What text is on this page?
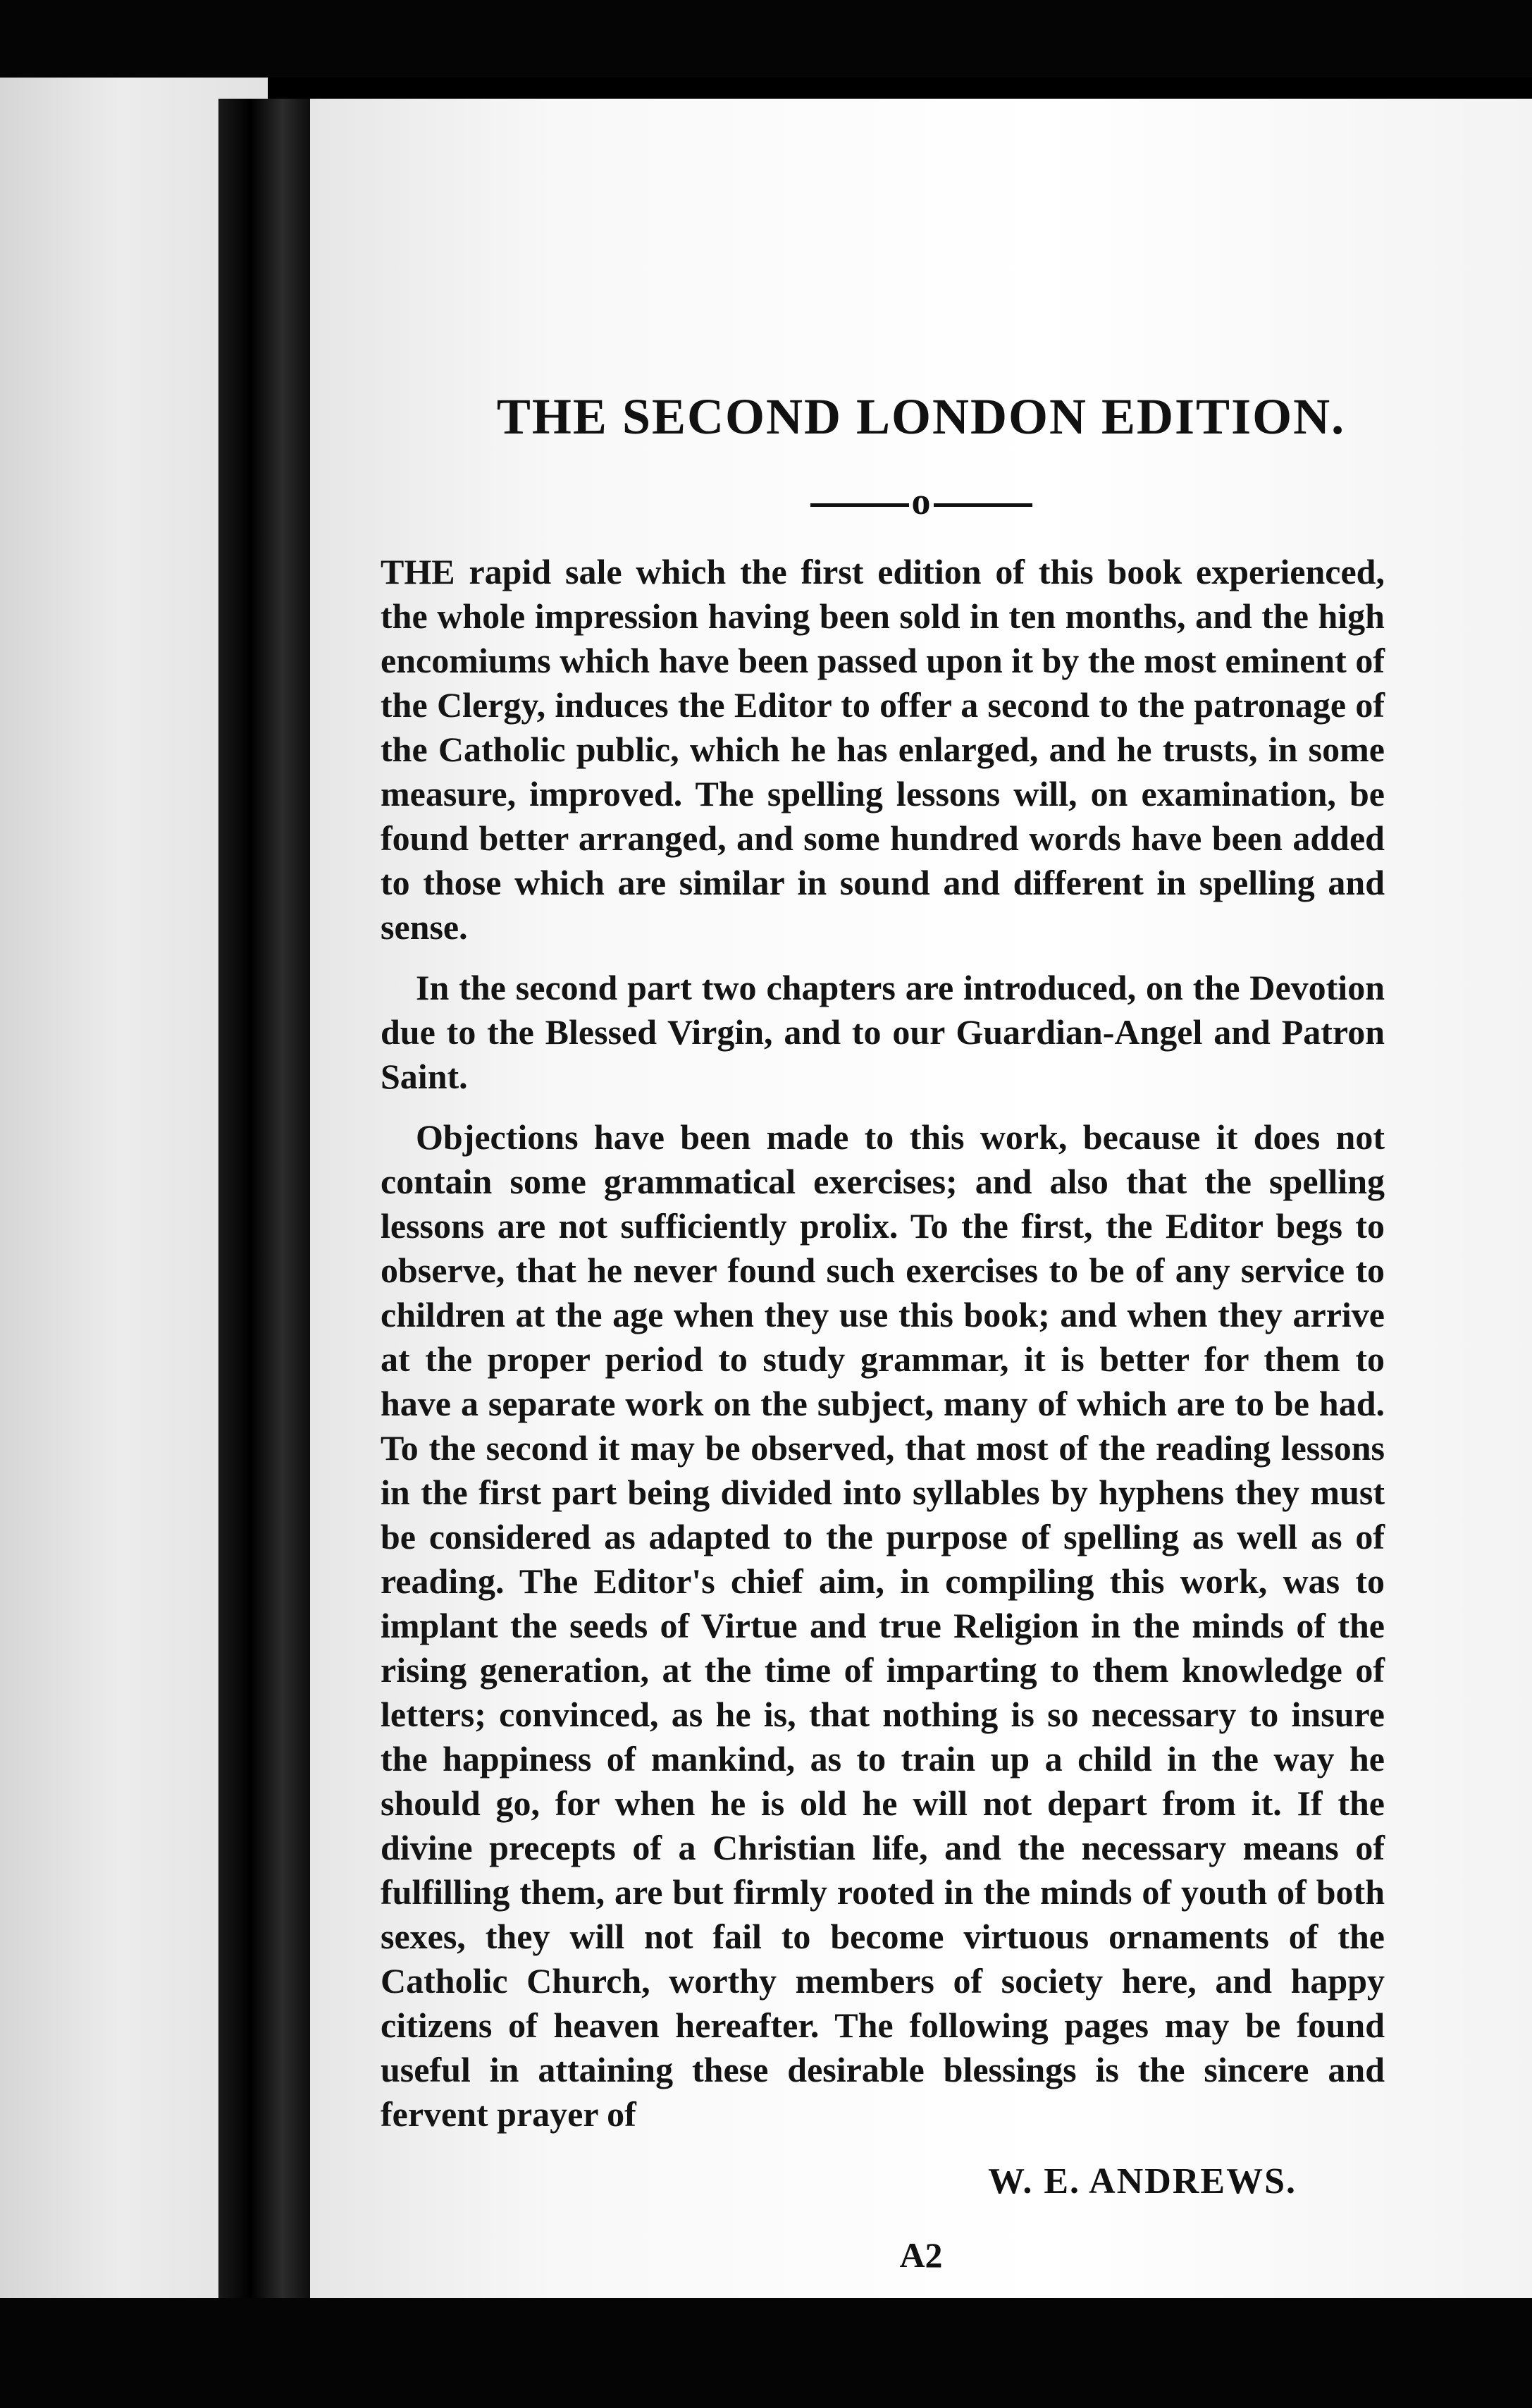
THE SECOND LONDON EDITION.
o

THE rapid sale which the first edition of this book experienced, the whole impression having been sold in ten months, and the high encomiums which have been passed upon it by the most eminent of the Clergy, induces the Editor to offer a second to the patronage of the Catholic public, which he has enlarged, and he trusts, in some measure, improved. The spelling lessons will, on examination, be found better arranged, and some hundred words have been added to those which are similar in sound and different in spelling and sense.

In the second part two chapters are introduced, on the Devotion due to the Blessed Virgin, and to our Guardian-Angel and Patron Saint.

Objections have been made to this work, because it does not contain some grammatical exercises; and also that the spelling lessons are not sufficiently prolix. To the first, the Editor begs to observe, that he never found such exercises to be of any service to children at the age when they use this book; and when they arrive at the proper period to study grammar, it is better for them to have a separate work on the subject, many of which are to be had. To the second it may be observed, that most of the reading lessons in the first part being divided into syllables by hyphens they must be considered as adapted to the purpose of spelling as well as of reading. The Editor's chief aim, in compiling this work, was to implant the seeds of Virtue and true Religion in the minds of the rising generation, at the time of imparting to them knowledge of letters; convinced, as he is, that nothing is so necessary to insure the happiness of mankind, as to train up a child in the way he should go, for when he is old he will not depart from it. If the divine precepts of a Christian life, and the necessary means of fulfilling them, are but firmly rooted in the minds of youth of both sexes, they will not fail to become virtuous ornaments of the Catholic Church, worthy members of society here, and happy citizens of heaven hereafter. The following pages may be found useful in attaining these desirable blessings is the sincere and fervent prayer of

W. E. ANDREWS.
A2
